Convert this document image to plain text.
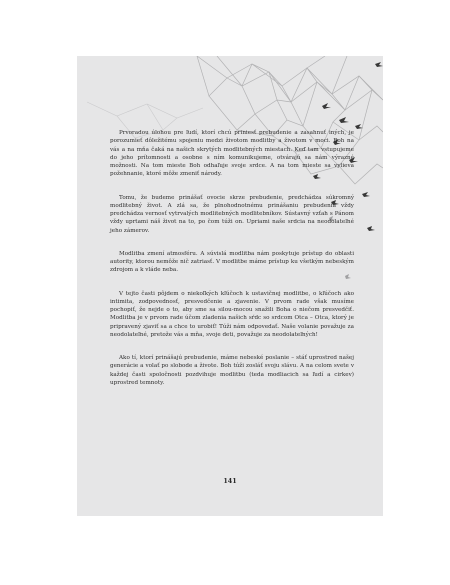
Prvoradou úlohou pre ľudí, ktorí chcú priniesť prebudenie a zasahnuť iných, je porozumieť dôležitému spojeniu medzi životom modlitby a životom v moci. Boh na vás a na mňa čaká na našich skrytých modlitebných miestach. Keď tam vstupujeme do jeho prítomnosti a osobne s ním komunikujeme, otvárajú sa nám výrazné možnosti. Na tom mieste Boh odhaľuje svoje srdce. A na tom mieste sa vylieva požehnanie, ktoré môže zmeniť národy.

Tomu, že budeme prinášať ovocie skrze prebudenie, predchádza súkromný modlitebný život. A zlá sa, že plnohodnotnému prinášaniu prebudenia vždy predchádza vernosť vytrvalých modlitebných modlitebníkov. Sústavný vzťah s Pánom vždy uprtami náš život na to, po čom túži on. Upriami naše srdcia na neodolateľné jeho zámerov.

Modlitba zmení atmosféru. A súvislá modlitba nám poskytuje prístup do oblasti autority, ktorou nemôže nič zatriasť. V modlitbe máme prístup ku všetkým nebeským zdrojom a k vláde neba.

V tejto časti pôjdem o niekoľkých kľúčoch k ustavičnej modlitbe, o kľúčoch ako intimita, zodpovednosť, presvedčenie a zjavenie. V prvom rade však musíme pochopiť, že nejde o to, aby sme sa silou-mocou snažili Boha o niečom presvedčiť. Modlitba je v prvom rade účom zladenia našich sŕdc so srdcom Otca – Otca, ktorý je pripravený zjaviť sa a chce to urobiť! Túži nám odpovedať. Naše volanie považuje za neodolateľné, pretože vás a mňa, svoje deti, považuje za neodolateľných!

Ako tí, ktorí prinášajú prebudenie, máme nebeské poslanie – stáť uprostred našej generácie a volať po slobode a živote. Boh túži zosláť svoju slávu. A na celom svete v každej časti spoločnosti pozdvihuje modlitbu (teda modliacich sa ľudí a cirkev) uprostred temnoty.

141
